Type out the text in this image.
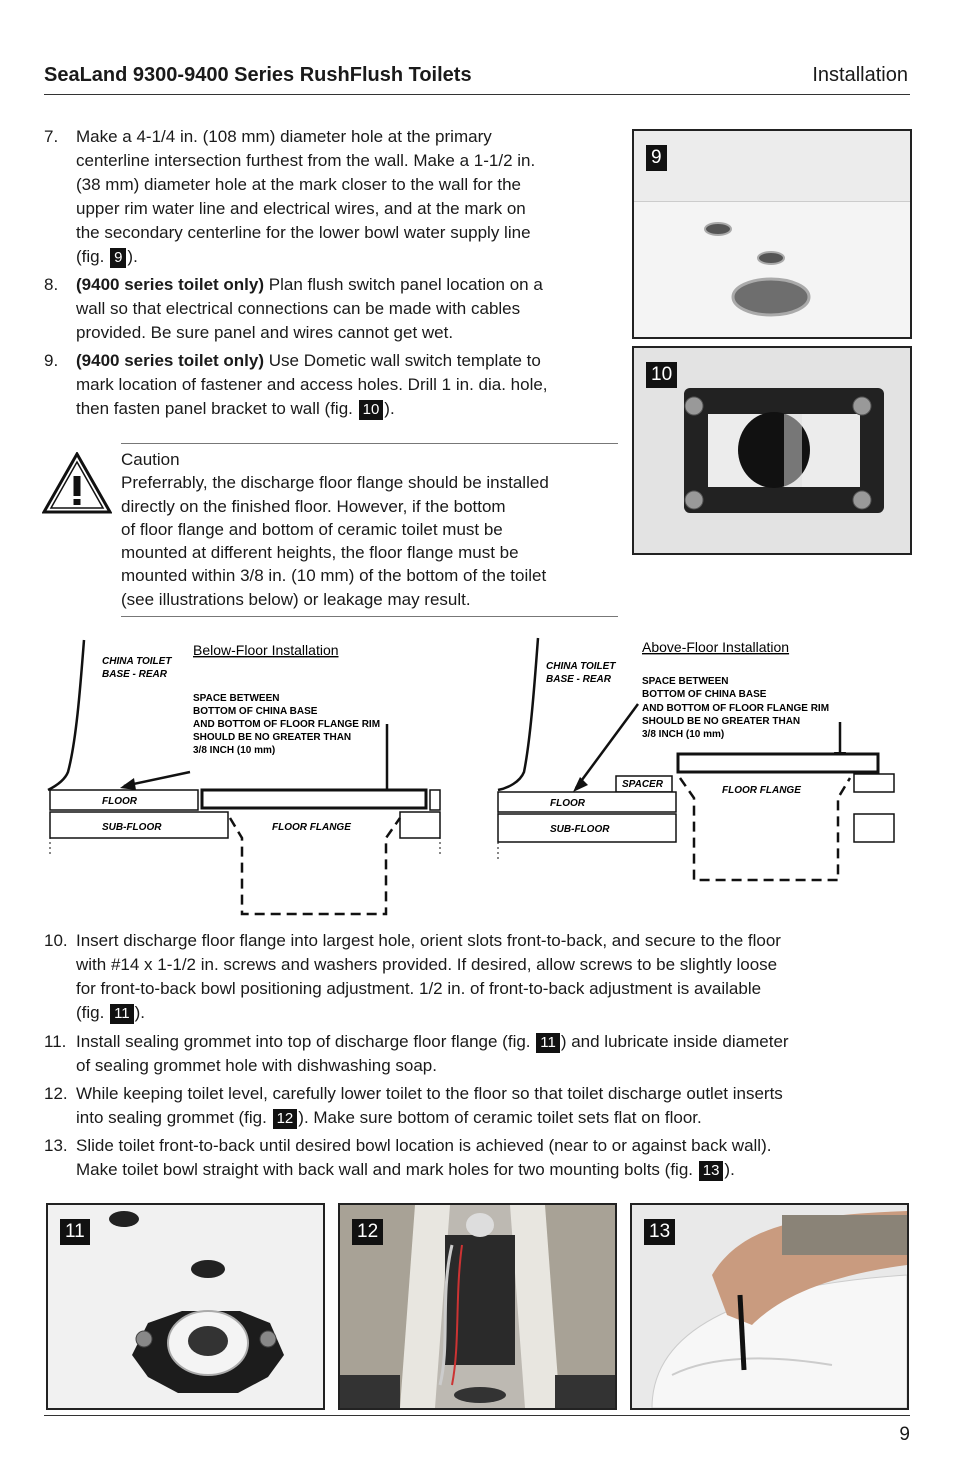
SeaLand 9300-9400 Series RushFlush Toilets	Installation
7. Make a 4-1/4 in. (108 mm) diameter hole at the primary
centerline intersection furthest from the wall. Make a 1-1/2 in.
(38 mm) diameter hole at the mark closer to the wall for the
upper rim water line and electrical wires, and at the mark on
the secondary centerline for the lower bowl water supply line
(fig. 9 ).
8. (9400 series toilet only) Plan flush switch panel location on a
wall so that electrical connections can be made with cables
provided. Be sure panel and wires cannot get wet.
9. (9400 series toilet only) Use Dometic wall switch template to
mark location of fastener and access holes. Drill 1 in. dia. hole,
then fasten panel bracket to wall (fig. 10 ).
Caution
Preferrably, the discharge floor flange should be installed
directly on the finished floor. However, if the bottom
of floor flange and bottom of ceramic toilet must be
mounted at different heights, the floor flange must be
mounted within 3/8 in. (10 mm) of the bottom of the toilet
(see illustrations below) or leakage may result.
9
10
FLOOR
SUB-FLOOR	FLOOR FLANGE
CHINA TOILET
BASE - REAR
Below-Floor Installation
SPACE BETWEEN
BOTTOM OF CHINA BASE
AND BOTTOM OF FLOOR FLANGE RIM
SHOULD BE NO GREATER THAN
3/8 INCH (10 mm)
SPACER
FLOOR
SUB-FLOOR
FLOOR FLANGE
CHINA TOILET
BASE - REAR
Above-Floor Installation
SPACE BETWEEN
BOTTOM OF CHINA BASE
AND BOTTOM OF FLOOR FLANGE RIM
SHOULD BE NO GREATER THAN
3/8 INCH (10 mm)
10. Insert discharge floor flange into largest hole, orient slots front-to-back, and secure to the floor
with #14 x 1-1/2 in. screws and washers provided. If desired, allow screws to be slightly loose
for front-to-back bowl positioning adjustment. 1/2 in. of front-to-back adjustment is available
(fig. 11 ).
11. Install sealing grommet into top of discharge floor flange (fig. 11 ) and lubricate inside diameter
of sealing grommet hole with dishwashing soap.
12. While keeping toilet level, carefully lower toilet to the floor so that toilet discharge outlet inserts
into sealing grommet (fig. 12 ). Make sure bottom of ceramic toilet sets flat on floor.
13. Slide toilet front-to-back until desired bowl location is achieved (near to or against back wall).
Make toilet bowl straight with back wall and mark holes for two mounting bolts (fig. 13 ).
11	12	13
9
